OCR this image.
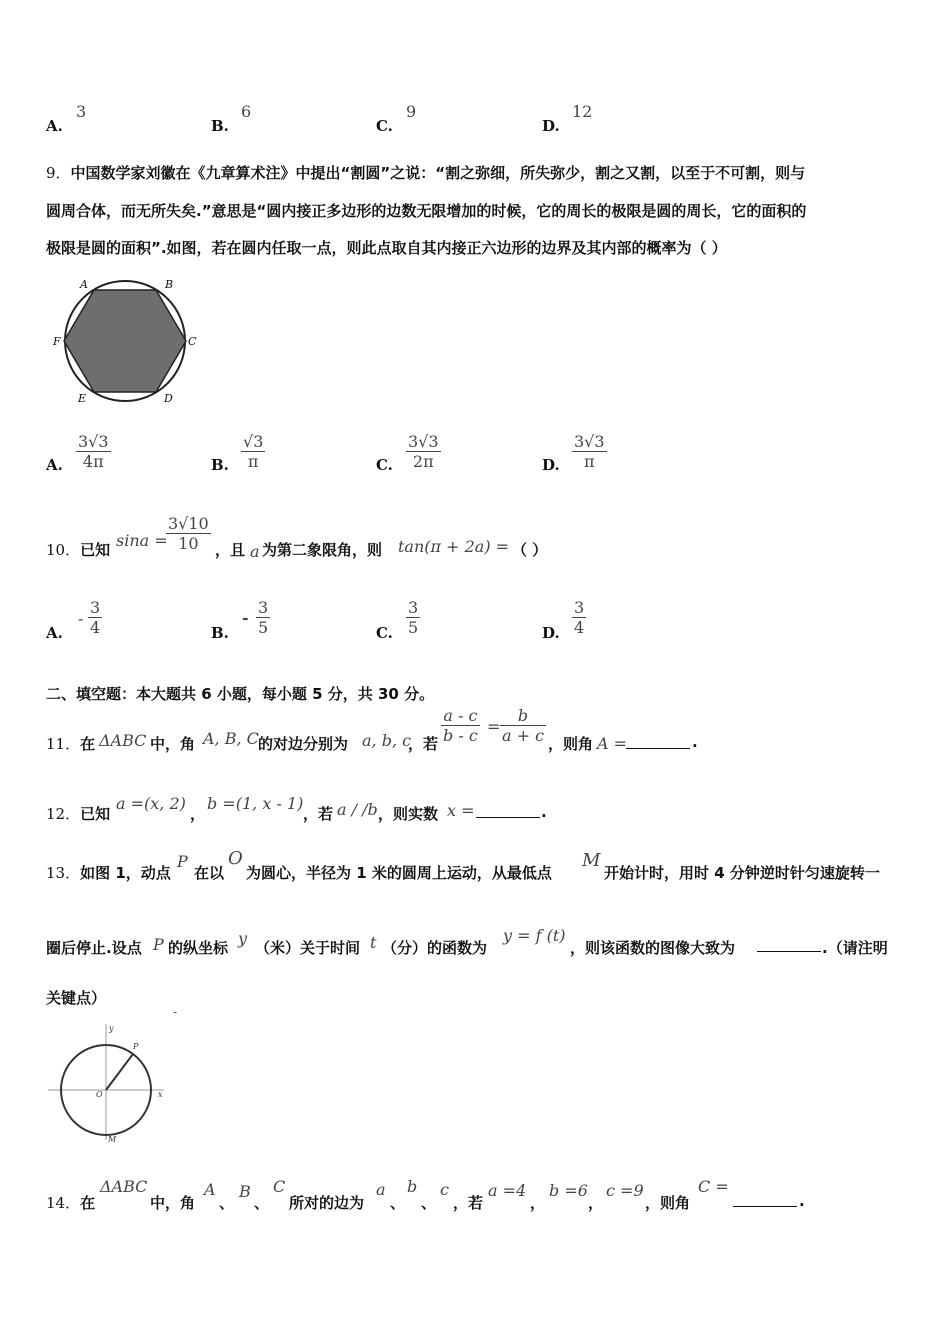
A.
3
B.
6
C.
9
D.
12
9．中国数学家刘徽在《九章算术注》中提出“割圆”之说：“割之弥细，所失弥少，割之又割，以至于不可割，则与
圆周合体，而无所失矣.”意思是“圆内接正多边形的边数无限增加的时候，它的周长的极限是圆的周长，它的面积的
极限是圆的面积”.如图，若在圆内任取一点，则此点取自其内接正六边形的边界及其内部的概率为（ ）
A	B
C
D
E
F
A. $\frac{3√3}{4\pi}$	B. $\frac{√3}{\pi}$	C. $\frac{3√3}{2\pi}$	D. $\frac{3√3}{\pi}$
10．已知 sina =
$\frac{3√10}{10}$ ，且 a 为第二象限角，则 tan(π + 2a) = （ ）
A.
- $\frac{3}{4}$	B.
- $\frac{3}{5}$	C. $\frac{3}{5}$	D. $\frac{3}{4}$
二、填空题：本大题共 6 小题，每小题 5 分，共 30 分。
11．在 ΔABC 中，角 A, B, C 的对边分别为 a, b, c
，若 $\frac{a - c}{b - c} = \frac{b}{a + c}$ ，则角 A =	.
12．已知
a =(x, 2)
，
b =(1, x - 1)
，若 a / /b ，则实数 x =	.
13．如图 1，动点
P
在以
O
为圆心，半径为 1 米的圆周上运动，从最低点
M
开始计时，用时 4 分钟逆时针匀速旋转一
圈后停止.设点 P 的纵坐标 y （米）关于时间 t （分）的函数为
y = f (t)
，则该函数的图像大致为	.（请注明
关键点）
-
y
x
O
P
M
14．在
ΔABC
中，角
A
、
B
、
C
所对的边为
a
、
b
、
c
，若
a =4
，
b =6
，
c =9
，则角
C =
.
